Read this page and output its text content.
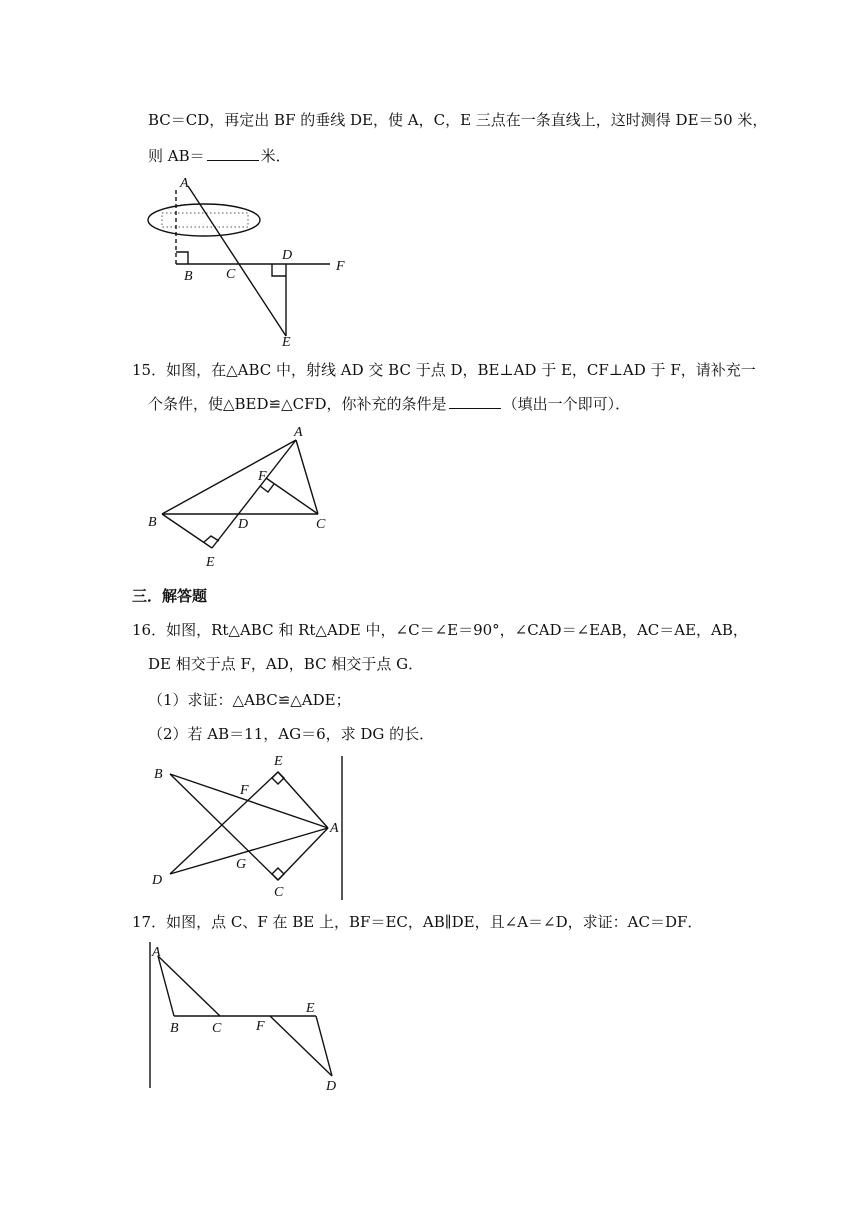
BC＝CD，再定出 BF 的垂线 DE，使 A，C，E 三点在一条直线上，这时测得 DE＝50 米，
则 AB＝	米．
A
B C
D
F
E
15．如图，在△ABC 中，射线 AD 交 BC 于点 D，BE⊥AD 于 E，CF⊥AD 于 F，请补充一
个条件，使△BED≌△CFD，你补充的条件是	（填出一个即可）．
A
F
B	D	C
E
三．解答题
16．如图，Rt△ABC 和 Rt△ADE 中，∠C＝∠E＝90°，∠CAD＝∠EAB，AC＝AE，AB，
DE 相交于点 F，AD，BC 相交于点 G．
（1）求证：△ABC≌△ADE；
（2）若 AB＝11，AG＝6，求 DG 的长．
B
E
F
A
D
G
C
17．如图，点 C、F 在 BE 上，BF＝EC，AB∥DE，且∠A＝∠D，求证：AC＝DF．
A
B C F
E
D
